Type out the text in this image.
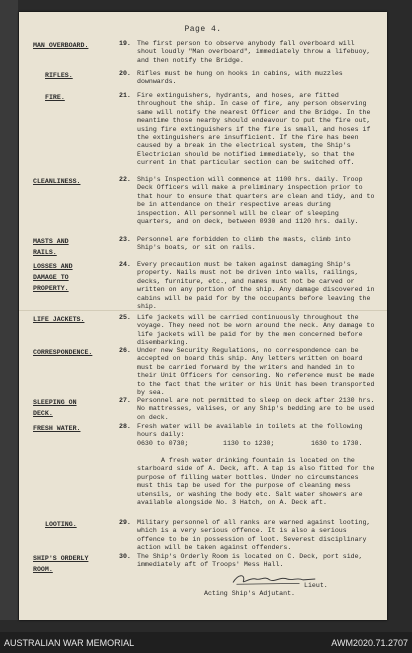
Page 4.
MAN OVERBOARD.	19. The first person to observe anybody fall overboard will shout loudly "Man overboard", immediately throw a lifebuoy, and then notify the Bridge.
RIFLES.	20. Rifles must be hung on hooks in cabins, with muzzles downwards.
FIRE.	21. Fire extinguishers, hydrants, and hoses, are fitted throughout the ship. In case of fire, any person observing same will notify the nearest Officer and the Bridge. In the meantime those nearby should endeavour to put the fire out, using fire extinguishers if the fire is small, and hoses if the extinguishers are insufficient. If the fire has been caused by a break in the electrical system, the Ship's Electrician should be notified immediately, so that the current in that particular section can be switched off.
CLEANLINESS.	22. Ship's Inspection will commence at 1100 hrs. daily. Troop Deck Officers will make a preliminary inspection prior to that hour to ensure that quarters are clean and tidy, and to be in attendance on their respective areas during inspection. All personnel will be clear of sleeping quarters, and on deck, between 0930 and 1120 hrs. daily.
MASTS AND RAILS.
23. Personnel are forbidden to climb the masts, climb into Ship's boats, or sit on rails.
LOSSES AND DAMAGE TO PROPERTY.
24. Every precaution must be taken against damaging Ship's property. Nails must not be driven into walls, railings, decks, furniture, etc., and names must not be carved or written on any portion of the ship. Any damage discovered in cabins will be paid for by the occupants before leaving the ship.
LIFE JACKETS.	25. Life jackets will be carried continuously throughout the voyage. They need not be worn around the neck. Any damage to life jackets will be paid for by the men concerned before disembarking.
CORRESPONDENCE.	26. Under new Security Regulations, no correspondence can be accepted on board this ship. Any letters written on board must be carried forward by the writers and handed in to their Unit Officers for censoring. No reference must be made to the fact that the writer or his Unit has been transported by sea.
SLEEPING ON DECK.
27. Personnel are not permitted to sleep on deck after 2130 hrs. No mattresses, valises, or any Ship's bedding are to be used on deck.
FRESH WATER.	28. Fresh water will be available in toilets at the following hours daily:
0630 to 0730;	1130 to 1230;	1630 to 1730.
A fresh water drinking fountain is located on the starboard side of A. Deck, aft. A tap is also fitted for the purpose of filling water bottles. Under no circumstances must this tap be used for the purpose of cleaning mess utensils, or washing the body etc. Salt water showers are available alongside No. 3 Hatch, on A. Deck aft.
LOOTING.	29. Military personnel of all ranks are warned against looting, which is a very serious offence. It is also a serious offence to be in possession of loot. Severest disciplinary action will be taken against offenders.
SHIP'S ORDERLY ROOM.
30. The Ship's Orderly Room is located on C. Deck, port side, immediately aft of Troops' Mess Hall.
Lieut.
Acting Ship's Adjutant.
AUSTRALIAN WAR MEMORIAL	AWM2020.71.2707
